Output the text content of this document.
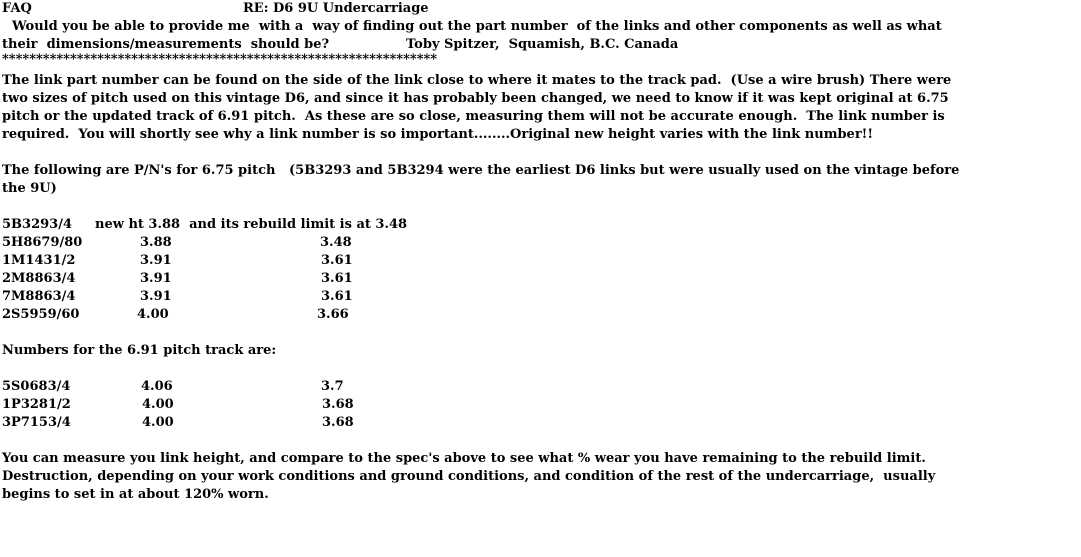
FAQ	RE: D6 9U Undercarriage
Would you be able to provide me  with a  way of finding out the part number  of the links and other components as well as what
their  dimensions/measurements  should be?	Toby Spitzer,  Squamish, B.C. Canada
****************************************************************
The link part number can be found on the side of the link close to where it mates to the track pad.  (Use a wire brush) There were
two sizes of pitch used on this vintage D6, and since it has probably been changed, we need to know if it was kept original at 6.75
pitch or the updated track of 6.91 pitch.  As these are so close, measuring them will not be accurate enough.  The link number is
required.  You will shortly see why a link number is so important........Original new height varies with the link number!!
The following are P/N's for 6.75 pitch   (5B3293 and 5B3294 were the earliest D6 links but were usually used on the vintage before
the 9U)
5B3293/4 new ht 3.88  and its rebuild limit is at 3.48
5H8679/80	3.88	3.48
1M1431/2	3.91	3.61
2M8863/4	3.91	3.61
7M8863/4	3.91	3.61
2S5959/60	4.00	3.66
Numbers for the 6.91 pitch track are:
5S0683/4	4.06	3.7
1P3281/2	4.00	3.68
3P7153/4	4.00	3.68
You can measure you link height, and compare to the spec's above to see what % wear you have remaining to the rebuild limit.
Destruction, depending on your work conditions and ground conditions, and condition of the rest of the undercarriage,  usually
begins to set in at about 120% worn.
